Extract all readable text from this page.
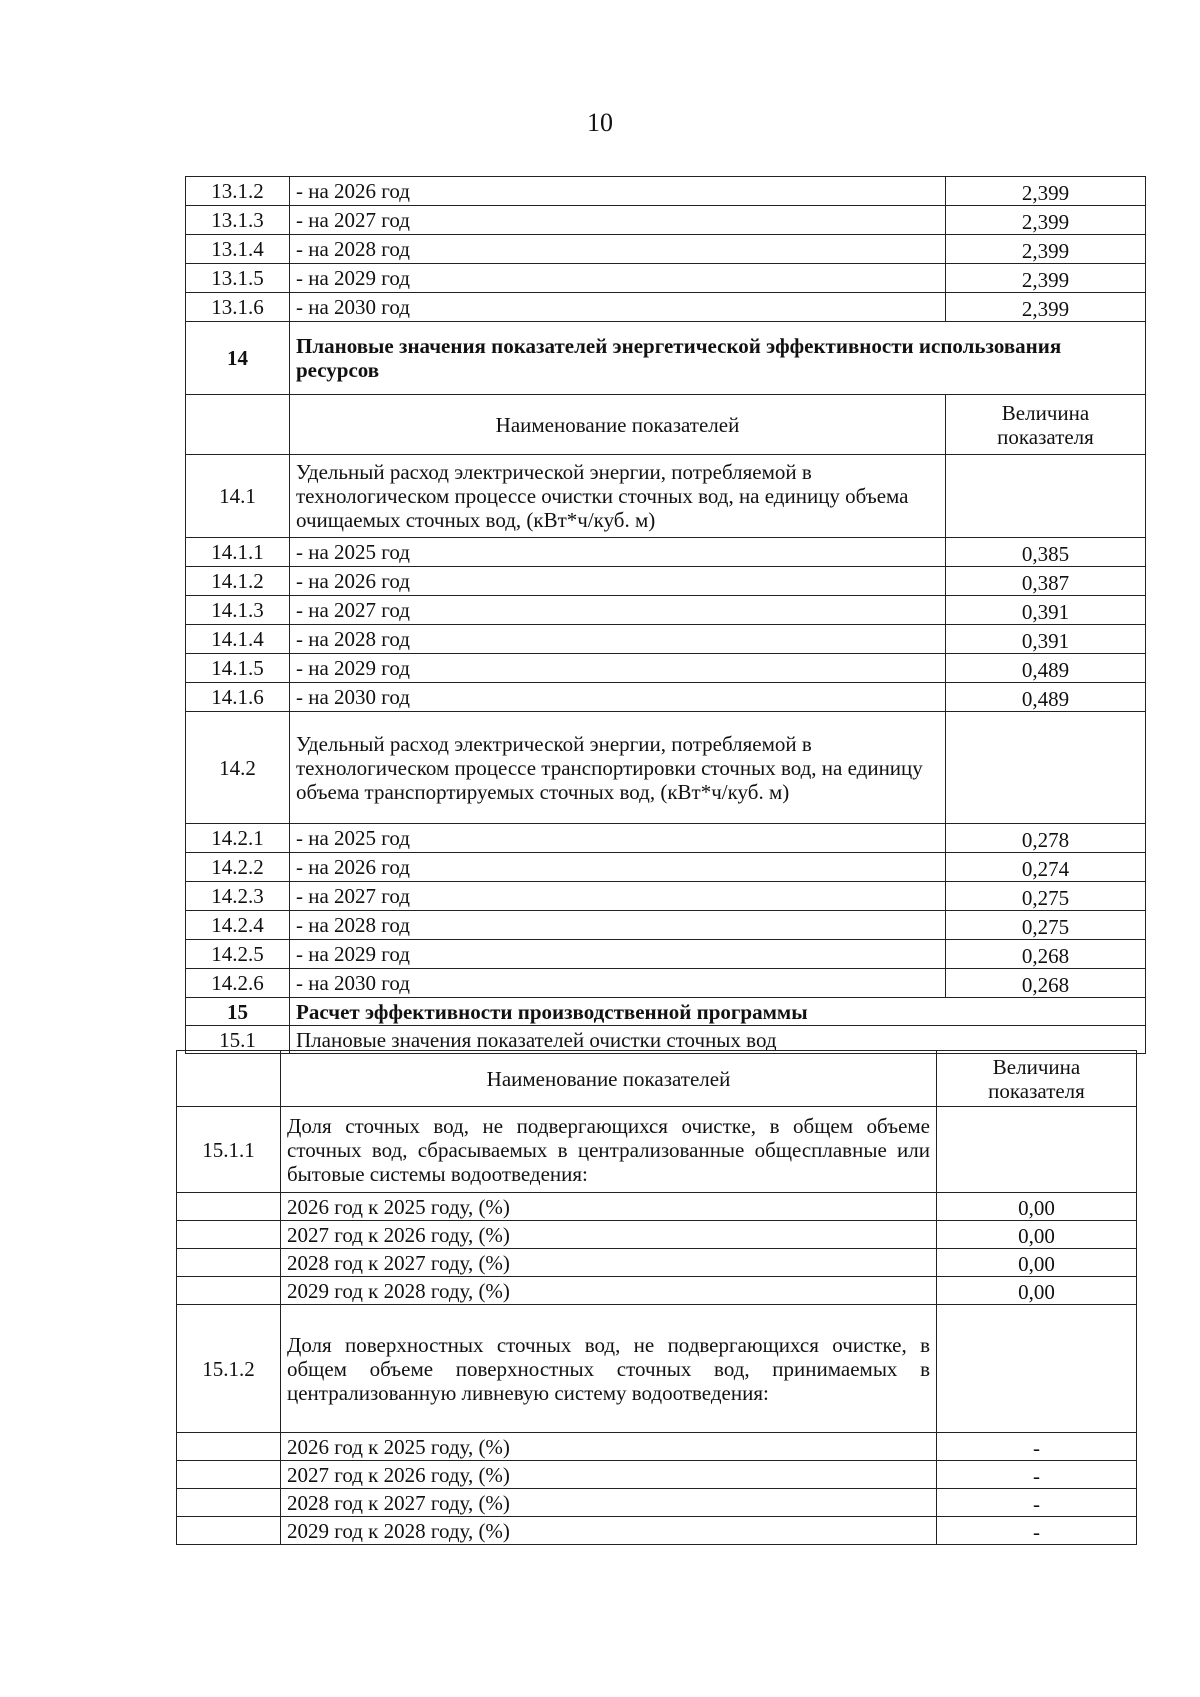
10
13.1.2	- на 2026 год	2,399
13.1.3	- на 2027 год	2,399
13.1.4	- на 2028 год	2,399
13.1.5	- на 2029 год	2,399
13.1.6	- на 2030 год	2,399
14	Плановые значения показателей энергетической эффективности использования ресурсов	
	Наименование показателей	Величина показателя
14.1	Удельный расход электрической энергии, потребляемой в технологическом процессе очистки сточных вод, на единицу объема очищаемых сточных вод, (кВт*ч/куб. м)	
14.1.1	- на 2025 год	0,385
14.1.2	- на 2026 год	0,387
14.1.3	- на 2027 год	0,391
14.1.4	- на 2028 год	0,391
14.1.5	- на 2029 год	0,489
14.1.6	- на 2030 год	0,489
14.2	Удельный расход электрической энергии, потребляемой в технологическом процессе транспортировки сточных вод, на единицу объема транспортируемых сточных вод, (кВт*ч/куб. м)	
14.2.1	- на 2025 год	0,278
14.2.2	- на 2026 год	0,274
14.2.3	- на 2027 год	0,275
14.2.4	- на 2028 год	0,275
14.2.5	- на 2029 год	0,268
14.2.6	- на 2030 год	0,268
15	Расчет эффективности производственной программы	
15.1	Плановые значения показателей очистки сточных вод	
	Наименование показателей	Величина показателя
15.1.1	Доля сточных вод, не подвергающихся очистке, в общем объеме сточных вод, сбрасываемых в централизованные общесплавные или бытовые системы водоотведения:	
	2026 год к 2025 году, (%)	0,00
	2027 год к 2026 году, (%)	0,00
	2028 год к 2027 году, (%)	0,00
	2029 год к 2028 году, (%)	0,00
15.1.2	Доля поверхностных сточных вод, не подвергающихся очистке, в общем объеме поверхностных сточных вод, принимаемых в централизованную ливневую систему водоотведения:	
	2026 год к 2025 году, (%)	-
	2027 год к 2026 году, (%)	-
	2028 год к 2027 году, (%)	-
	2029 год к 2028 году, (%)	-
